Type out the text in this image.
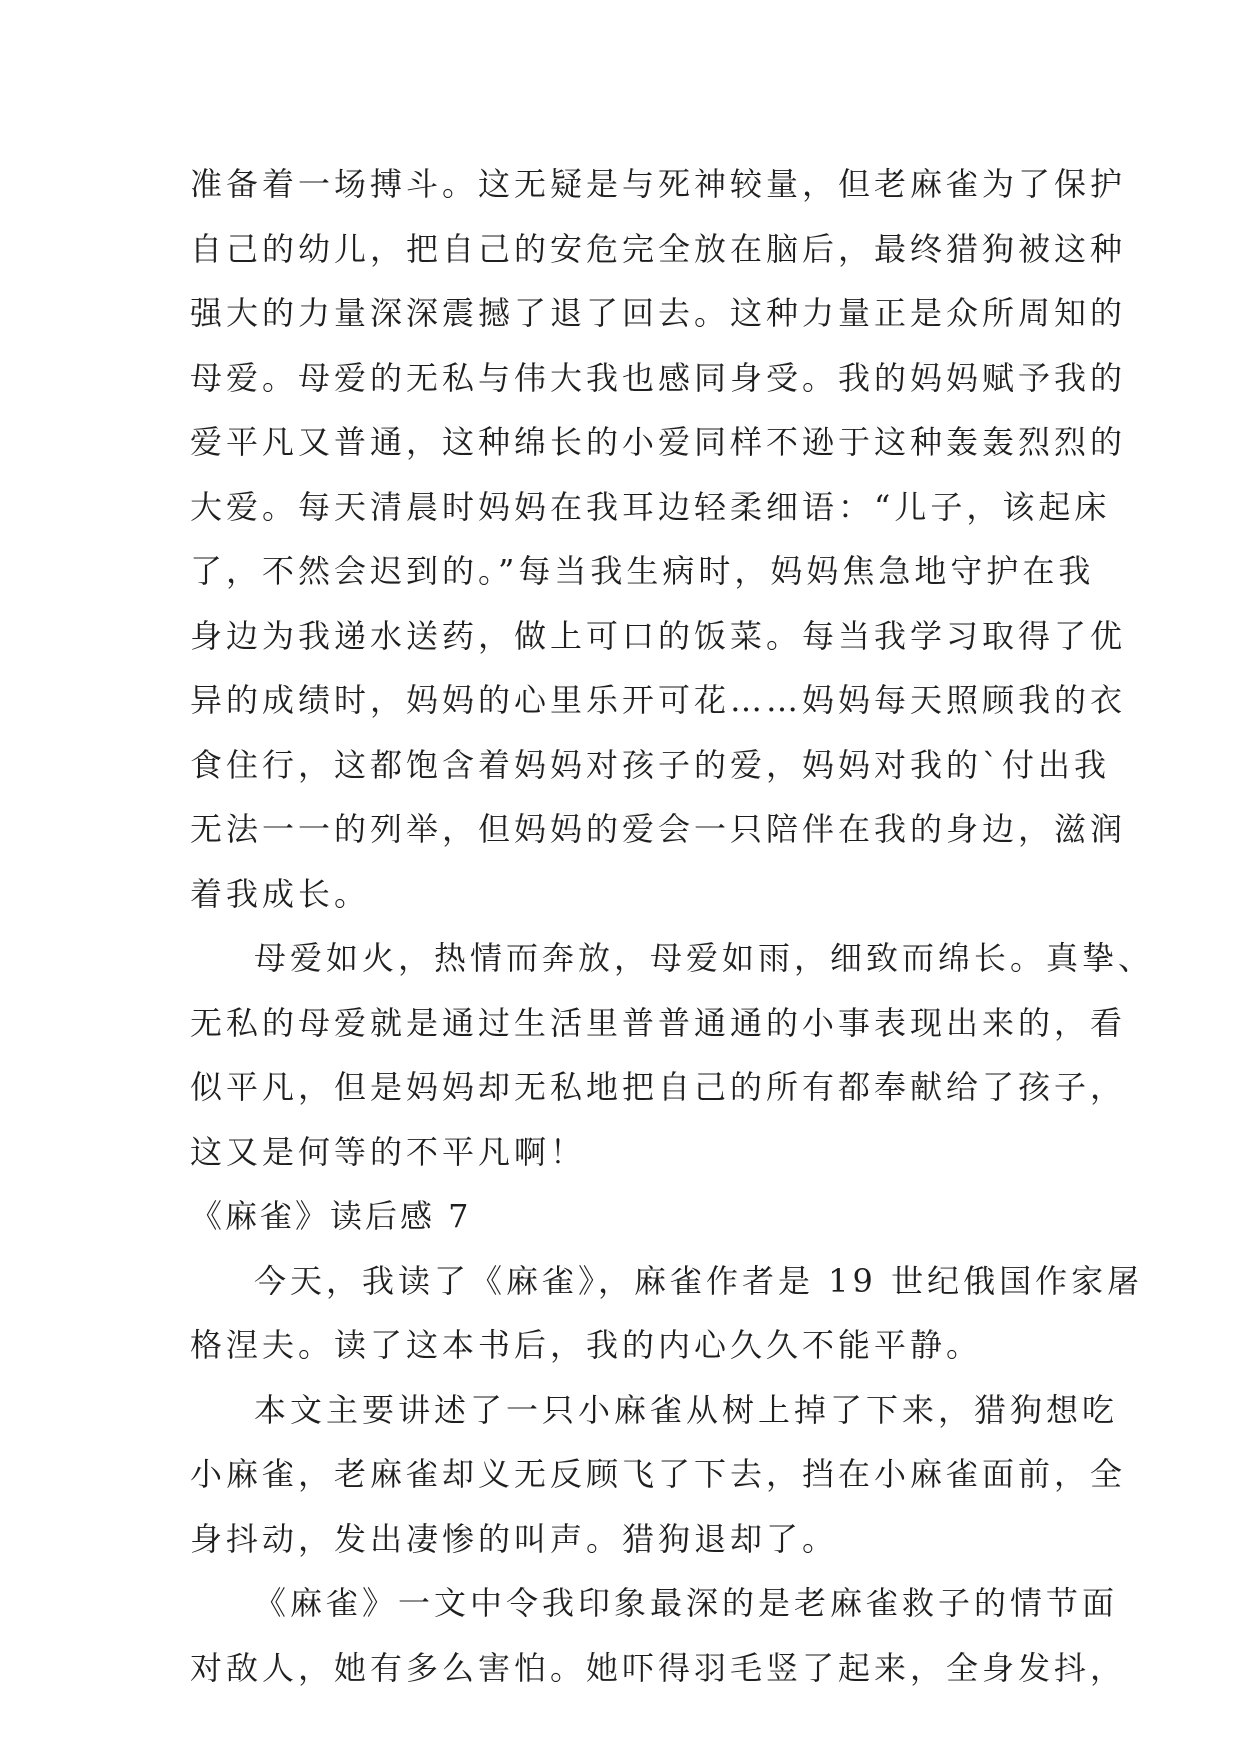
准备着一场搏斗。这无疑是与死神较量，但老麻雀为了保护
自己的幼儿，把自己的安危完全放在脑后，最终猎狗被这种
强大的力量深深震撼了退了回去。这种力量正是众所周知的
母爱。母爱的无私与伟大我也感同身受。我的妈妈赋予我的
爱平凡又普通，这种绵长的小爱同样不逊于这种轰轰烈烈的
大爱。每天清晨时妈妈在我耳边轻柔细语：“儿子，该起床
了，不然会迟到的。”每当我生病时，妈妈焦急地守护在我
身边为我递水送药，做上可口的饭菜。每当我学习取得了优
异的成绩时，妈妈的心里乐开可花……妈妈每天照顾我的衣
食住行，这都饱含着妈妈对孩子的爱，妈妈对我的`付出我
无法一一的列举，但妈妈的爱会一只陪伴在我的身边，滋润
着我成长。
母爱如火，热情而奔放，母爱如雨，细致而绵长。真挚、
无私的母爱就是通过生活里普普通通的小事表现出来的，看
似平凡，但是妈妈却无私地把自己的所有都奉献给了孩子，
这又是何等的不平凡啊！
《麻雀》读后感 7
今天，我读了《麻雀》，麻雀作者是 19 世纪俄国作家屠
格涅夫。读了这本书后，我的内心久久不能平静。
本文主要讲述了一只小麻雀从树上掉了下来，猎狗想吃
小麻雀，老麻雀却义无反顾飞了下去，挡在小麻雀面前，全
身抖动，发出凄惨的叫声。猎狗退却了。
《麻雀》一文中令我印象最深的是老麻雀救子的情节面
对敌人，她有多么害怕。她吓得羽毛竖了起来，全身发抖，
